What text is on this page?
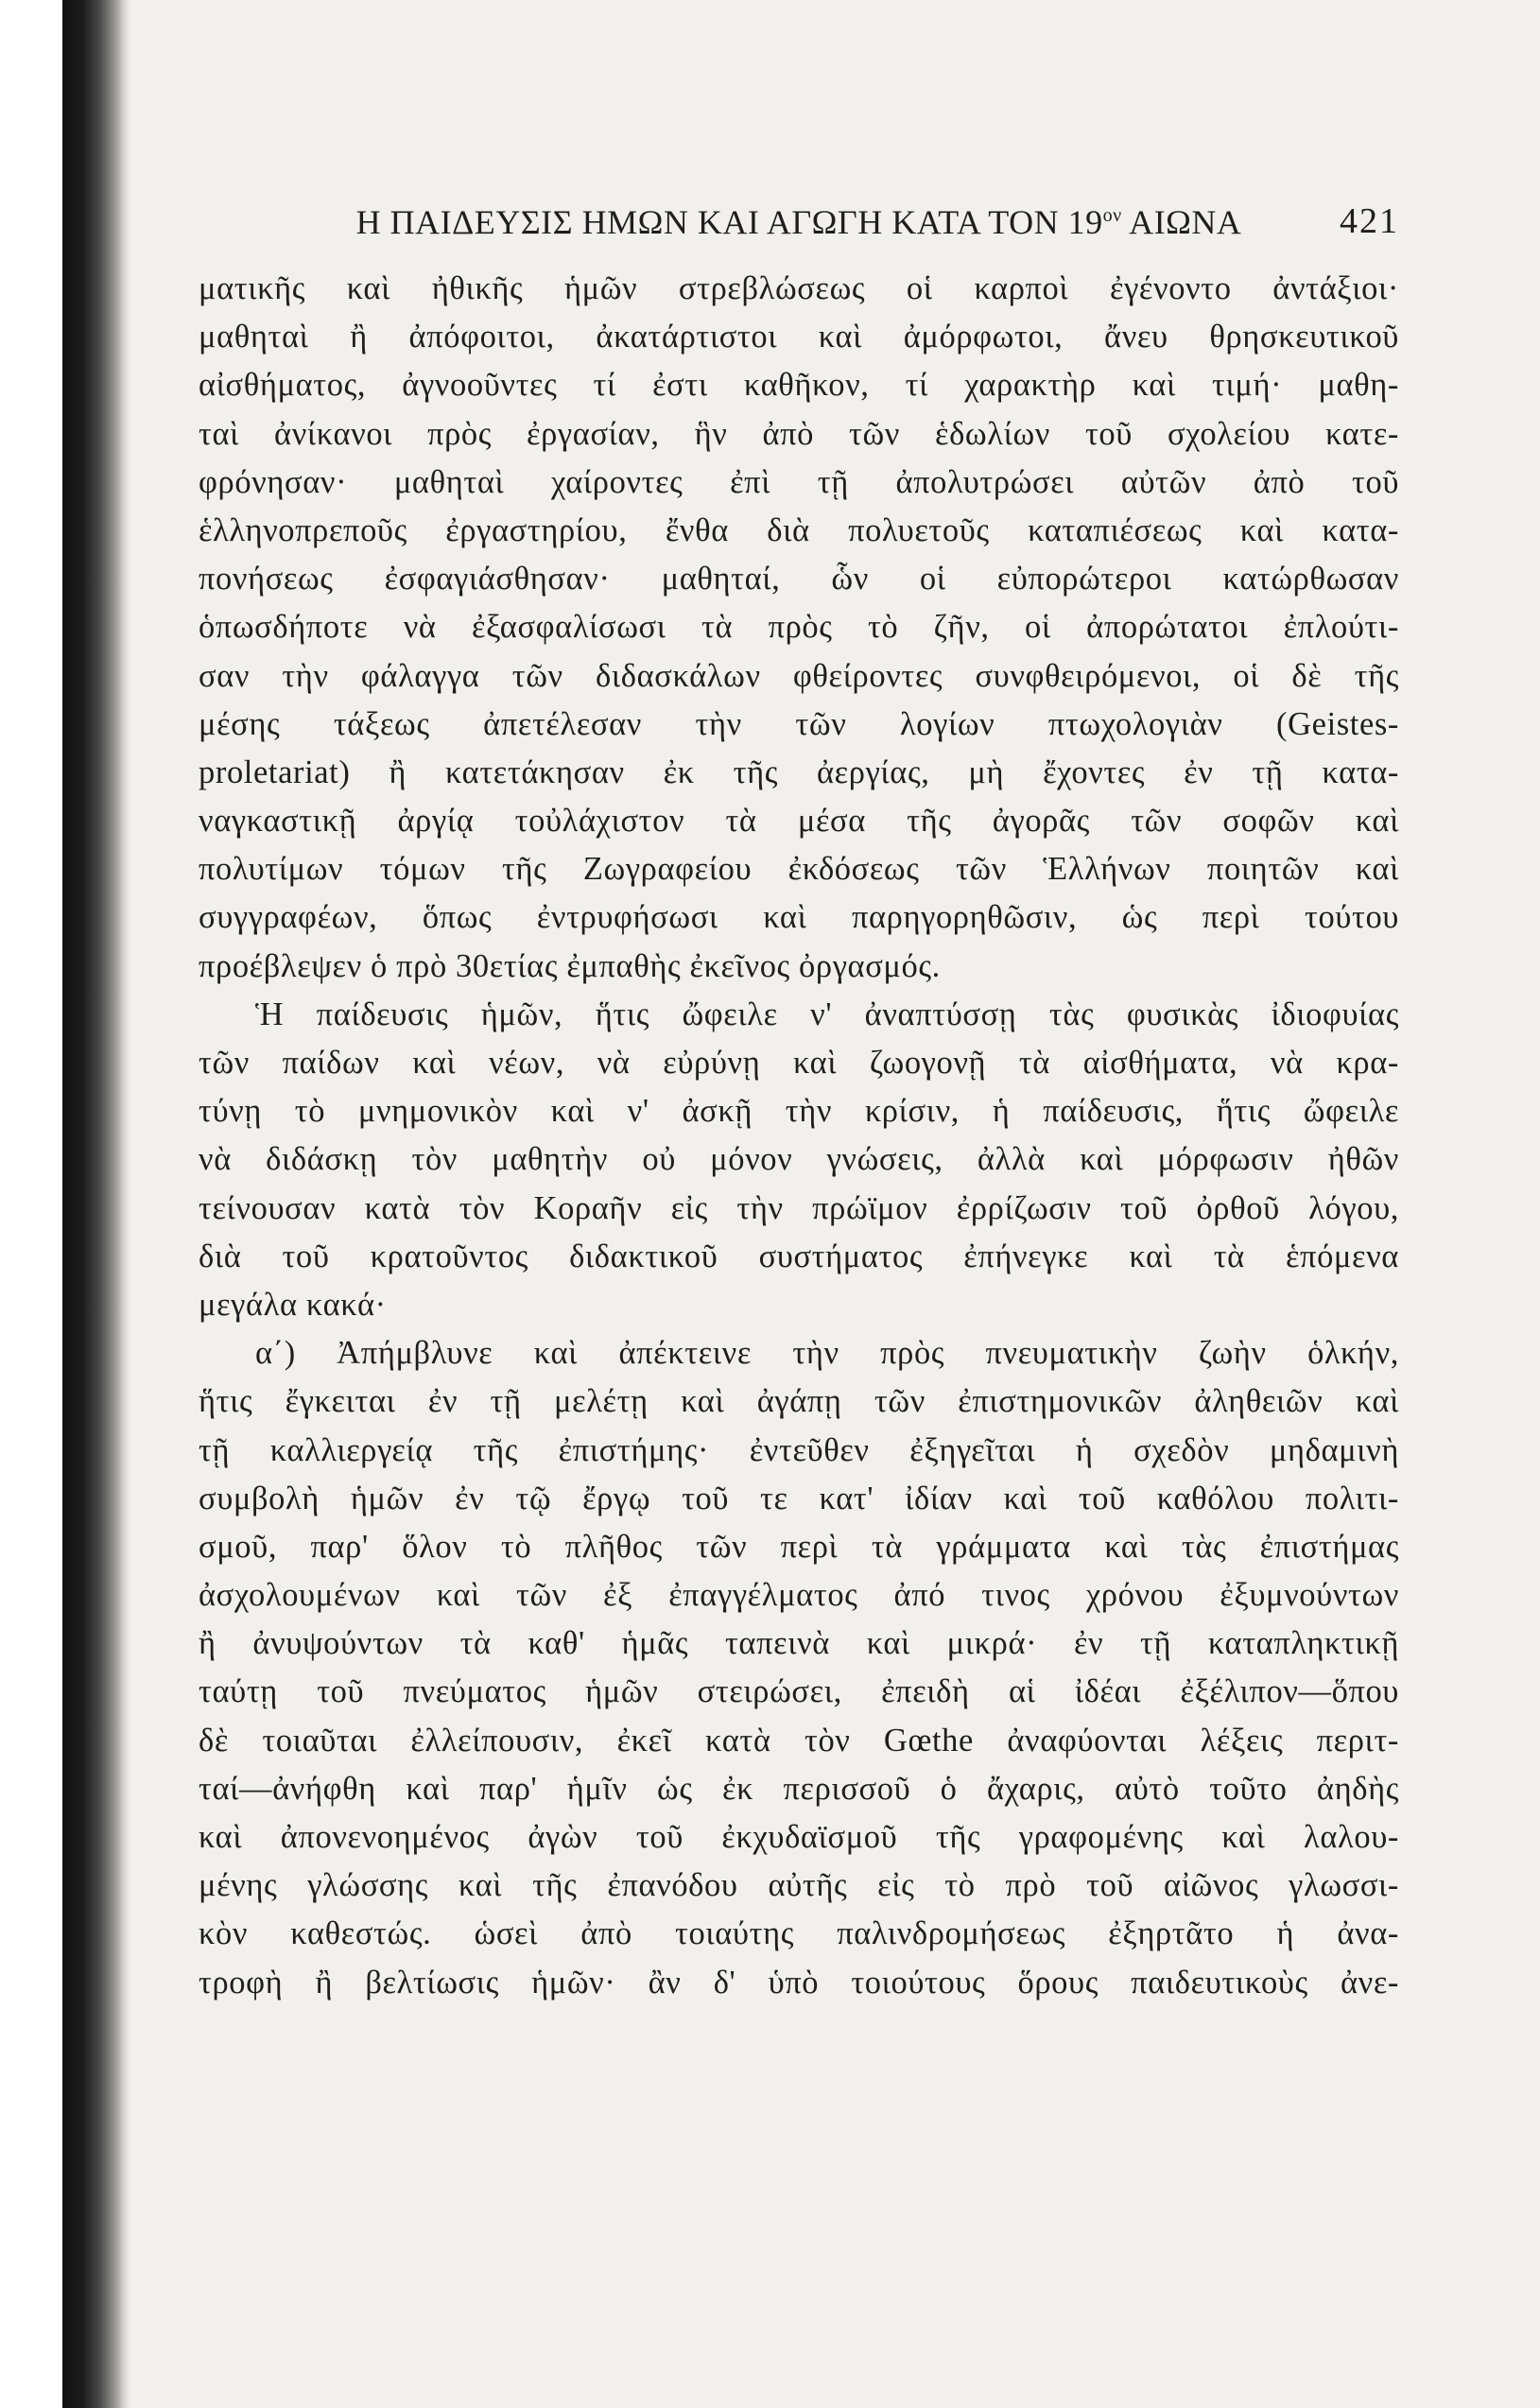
Η ΠΑΙΔΕΥΣΙΣ ΗΜΩΝ ΚΑΙ ΑΓΩΓΗ ΚΑΤΑ ΤΟΝ $19^{o\nu}$ ΑΙΩΝΑ	421
ματικῆς καὶ ἠθικῆς ἡμῶν στρεβλώσεως οἱ καρποὶ ἐγένοντο ἀντάξιοι·
μαθηταὶ ἢ ἀπόφοιτοι, ἀκατάρτιστοι καὶ ἀμόρφωτοι, ἄνευ θρησκευτικοῦ
αἰσθήματος, ἀγνοοῦντες τί ἐστι καθῆκον, τί χαρακτὴρ καὶ τιμή· μαθη-
ταὶ ἀνίκανοι πρὸς ἐργασίαν, ἣν ἀπὸ τῶν ἑδωλίων τοῦ σχολείου κατε-
φρόνησαν· μαθηταὶ χαίροντες ἐπὶ τῇ ἀπολυτρώσει αὐτῶν ἀπὸ τοῦ
ἑλληνοπρεποῦς ἐργαστηρίου, ἔνθα διὰ πολυετοῦς καταπιέσεως καὶ κατα-
πονήσεως ἐσφαγιάσθησαν· μαθηταί, ὧν οἱ εὐπορώτεροι κατώρθωσαν
ὁπωσδήποτε νὰ ἐξασφαλίσωσι τὰ πρὸς τὸ ζῆν, οἱ ἀπορώτατοι ἐπλούτι-
σαν τὴν φάλαγγα τῶν διδασκάλων φθείροντες συνφθειρόμενοι, οἱ δὲ τῆς
μέσης τάξεως ἀπετέλεσαν τὴν τῶν λογίων πτωχολογιὰν (Geistes-
proletariat) ἢ κατετάκησαν ἐκ τῆς ἀεργίας, μὴ ἔχοντες ἐν τῇ κατα-
ναγκαστικῇ ἀργίᾳ τοὐλάχιστον τὰ μέσα τῆς ἀγορᾶς τῶν σοφῶν καὶ
πολυτίμων τόμων τῆς Ζωγραφείου ἐκδόσεως τῶν Ἑλλήνων ποιητῶν καὶ
συγγραφέων, ὅπως ἐντρυφήσωσι καὶ παρηγορηθῶσιν, ὡς περὶ τούτου
προέβλεψεν ὁ πρὸ 30ετίας ἐμπαθὴς ἐκεῖνος ὀργασμός.
Ἡ παίδευσις ἡμῶν, ἥτις ὤφειλε ν' ἀναπτύσσῃ τὰς φυσικὰς ἰδιοφυίας
τῶν παίδων καὶ νέων, νὰ εὐρύνῃ καὶ ζωογονῇ τὰ αἰσθήματα, νὰ κρα-
τύνῃ τὸ μνημονικὸν καὶ ν' ἀσκῇ τὴν κρίσιν, ἡ παίδευσις, ἥτις ὤφειλε
νὰ διδάσκῃ τὸν μαθητὴν οὐ μόνον γνώσεις, ἀλλὰ καὶ μόρφωσιν ἠθῶν
τείνουσαν κατὰ τὸν Κοραῆν εἰς τὴν πρώϊμον ἐρρίζωσιν τοῦ ὀρθοῦ λόγου,
διὰ τοῦ κρατοῦντος διδακτικοῦ συστήματος ἐπήνεγκε καὶ τὰ ἑπόμενα
μεγάλα κακά·
α΄) Ἀπήμβλυνε καὶ ἀπέκτεινε τὴν πρὸς πνευματικὴν ζωὴν ὁλκήν,
ἥτις ἔγκειται ἐν τῇ μελέτῃ καὶ ἀγάπῃ τῶν ἐπιστημονικῶν ἀληθειῶν καὶ
τῇ καλλιεργείᾳ τῆς ἐπιστήμης· ἐντεῦθεν ἐξηγεῖται ἡ σχεδὸν μηδαμινὴ
συμβολὴ ἡμῶν ἐν τῷ ἔργῳ τοῦ τε κατ' ἰδίαν καὶ τοῦ καθόλου πολιτι-
σμοῦ, παρ' ὅλον τὸ πλῆθος τῶν περὶ τὰ γράμματα καὶ τὰς ἐπιστήμας
ἀσχολουμένων καὶ τῶν ἐξ ἐπαγγέλματος ἀπό τινος χρόνου ἐξυμνούντων
ἢ ἀνυψούντων τὰ καθ' ἡμᾶς ταπεινὰ καὶ μικρά· ἐν τῇ καταπληκτικῇ
ταύτῃ τοῦ πνεύματος ἡμῶν στειρώσει, ἐπειδὴ αἱ ἰδέαι ἐξέλιπον—ὅπου
δὲ τοιαῦται ἐλλείπουσιν, ἐκεῖ κατὰ τὸν Gœthe ἀναφύονται λέξεις περιτ-
ταί—ἀνήφθη καὶ παρ' ἡμῖν ὡς ἐκ περισσοῦ ὁ ἄχαρις, αὐτὸ τοῦτο ἀηδὴς
καὶ ἀπονενοημένος ἀγὼν τοῦ ἐκχυδαϊσμοῦ τῆς γραφομένης καὶ λαλου-
μένης γλώσσης καὶ τῆς ἐπανόδου αὐτῆς εἰς τὸ πρὸ τοῦ αἰῶνος γλωσσι-
κὸν καθεστώς. ὡσεὶ ἀπὸ τοιαύτης παλινδρομήσεως ἐξηρτᾶτο ἡ ἀνα-
τροφὴ ἢ βελτίωσις ἡμῶν· ἂν δ' ὑπὸ τοιούτους ὅρους παιδευτικοὺς ἀνε-
